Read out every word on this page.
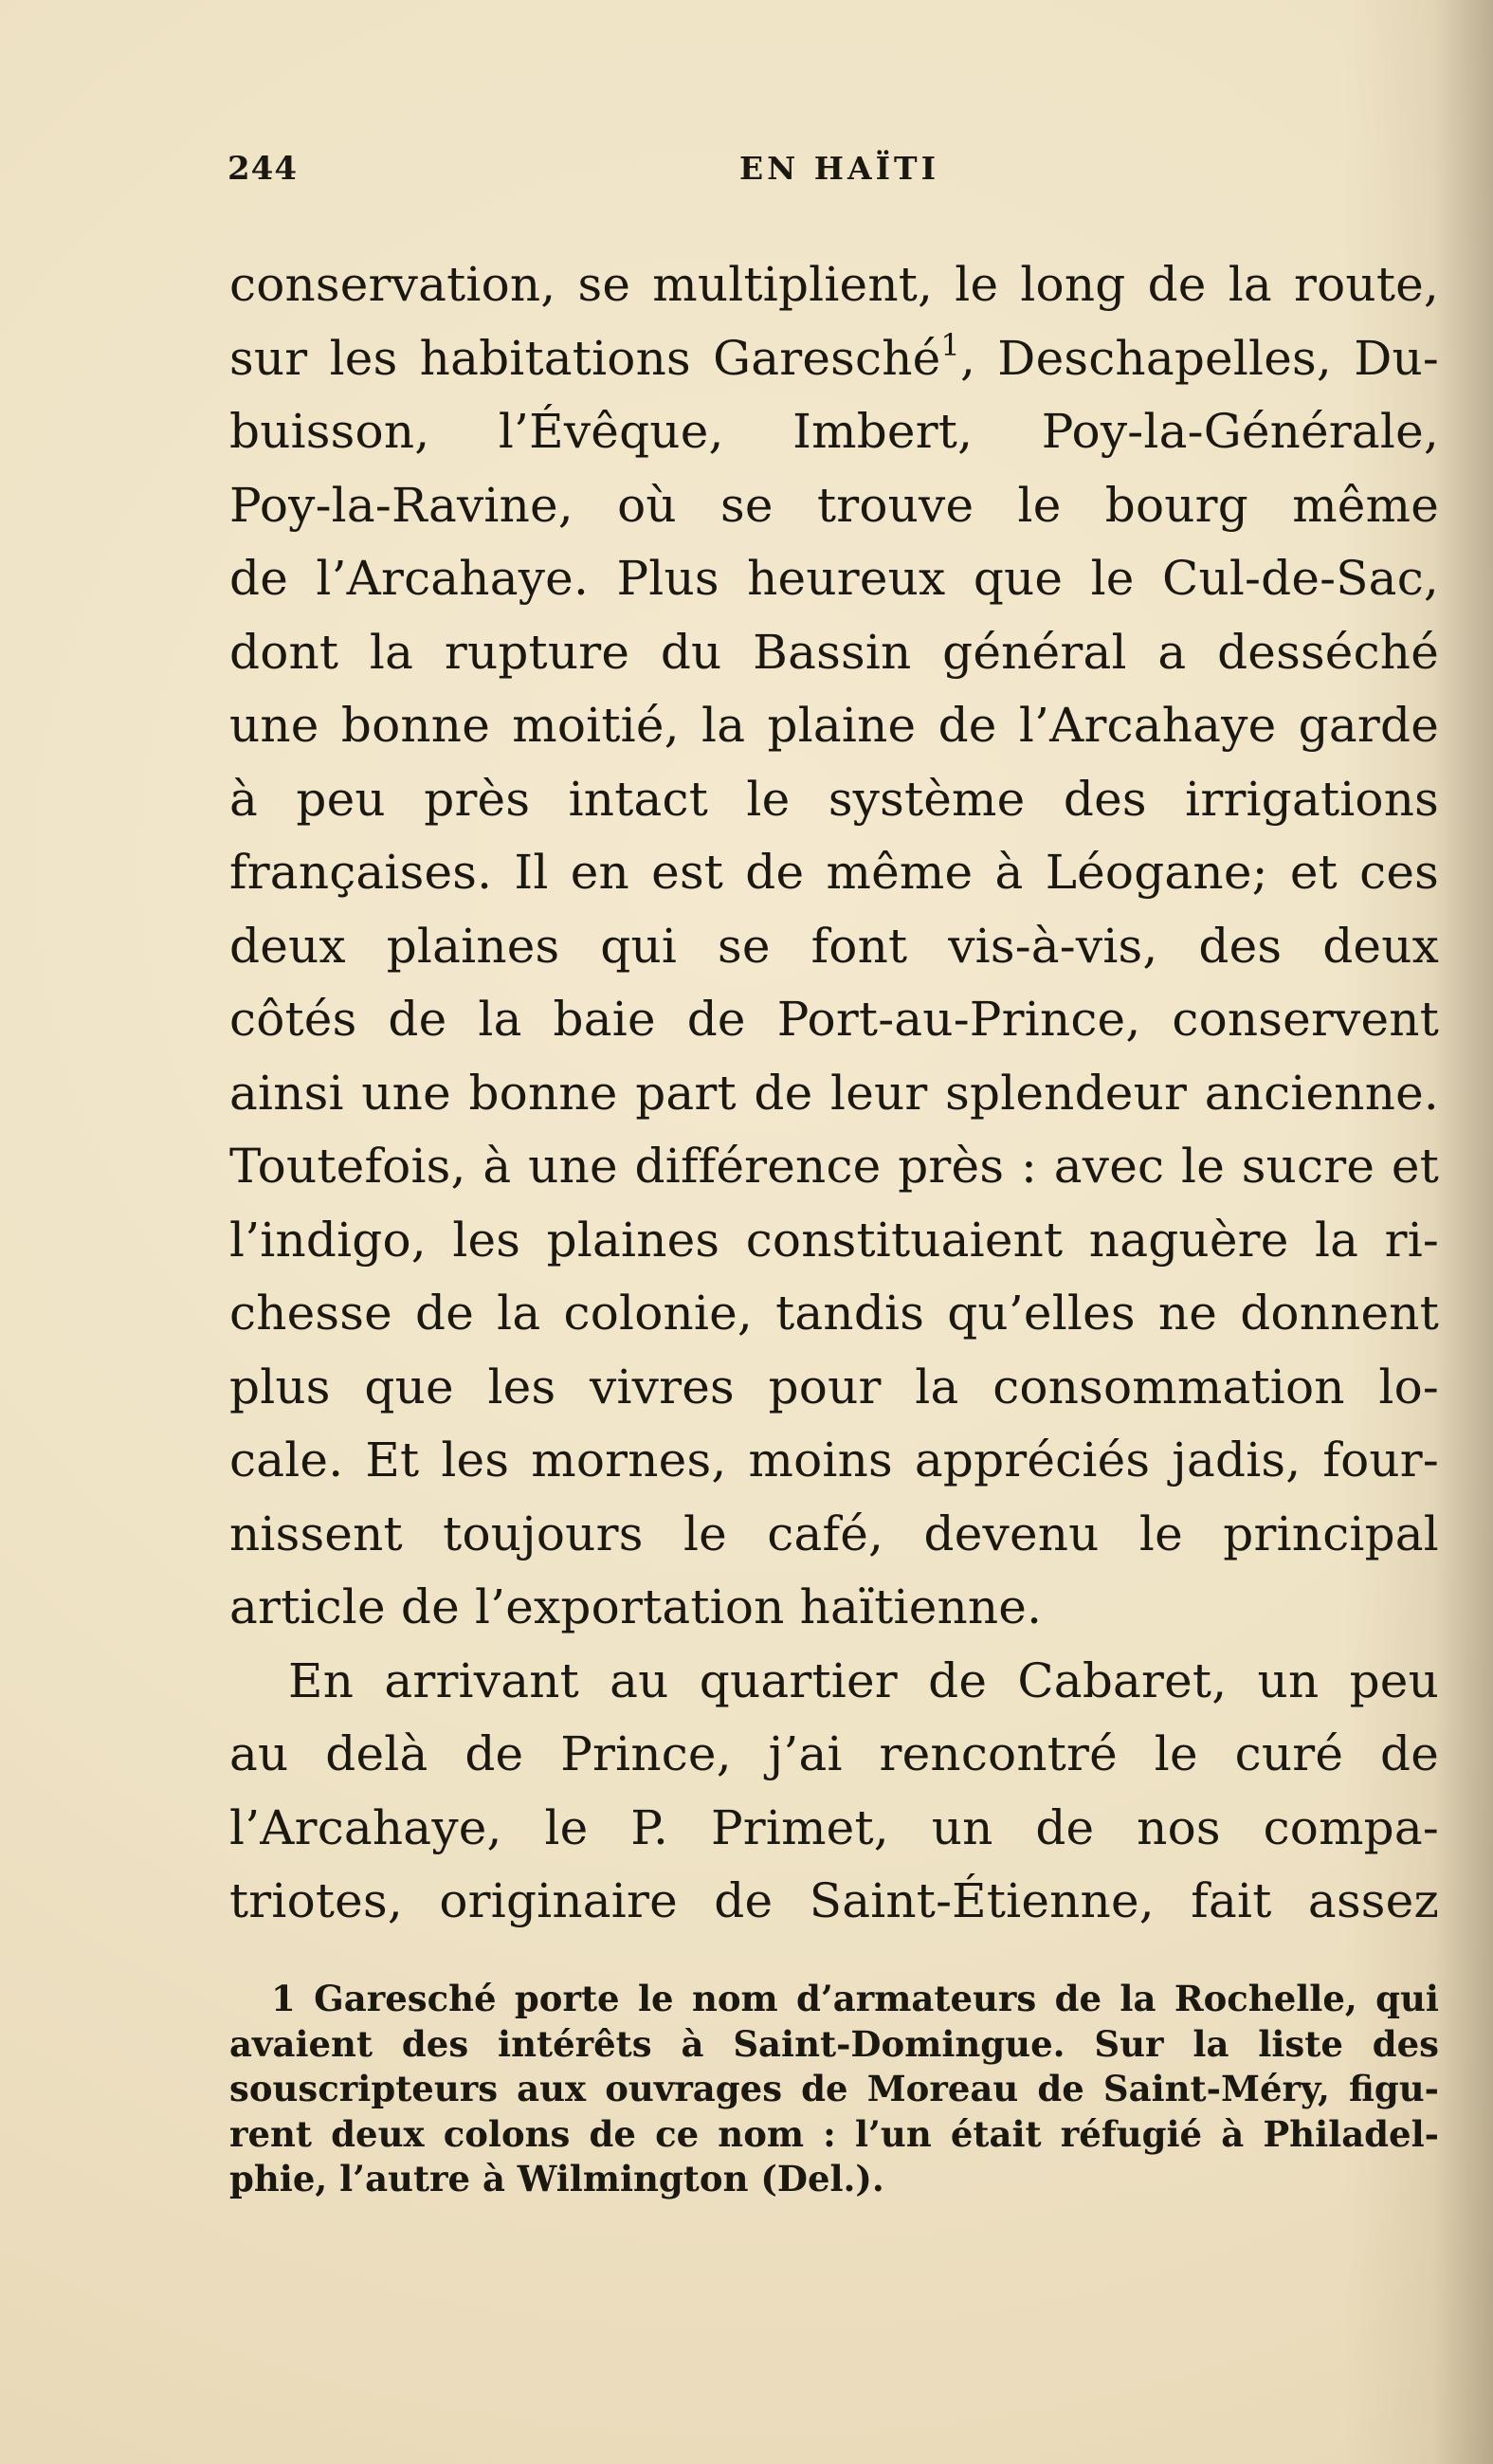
244	EN HAÏTI
conservation, se multiplient, le long de la route,
sur les habitations Garesché$^1$, Deschapelles, Du-
buisson, l’Évêque, Imbert, Poy-la-Générale,
Poy-la-Ravine, où se trouve le bourg même
de l’Arcahaye. Plus heureux que le Cul-de-Sac,
dont la rupture du Bassin général a desséché
une bonne moitié, la plaine de l’Arcahaye garde
à peu près intact le système des irrigations
françaises. Il en est de même à Léogane; et ces
deux plaines qui se font vis-à-vis, des deux
côtés de la baie de Port-au-Prince, conservent
ainsi une bonne part de leur splendeur ancienne.
Toutefois, à une différence près : avec le sucre et
l’indigo, les plaines constituaient naguère la ri-
chesse de la colonie, tandis qu’elles ne donnent
plus que les vivres pour la consommation lo-
cale. Et les mornes, moins appréciés jadis, four-
nissent toujours le café, devenu le principal
article de l’exportation haïtienne.
En arrivant au quartier de Cabaret, un peu
au delà de Prince, j’ai rencontré le curé de
l’Arcahaye, le P. Primet, un de nos compa-
triotes, originaire de Saint-Étienne, fait assez
1 Garesché porte le nom d’armateurs de la Rochelle, qui
avaient des intérêts à Saint-Domingue. Sur la liste des
souscripteurs aux ouvrages de Moreau de Saint-Méry, figu-
rent deux colons de ce nom : l’un était réfugié à Philadel-
phie, l’autre à Wilmington (Del.).
